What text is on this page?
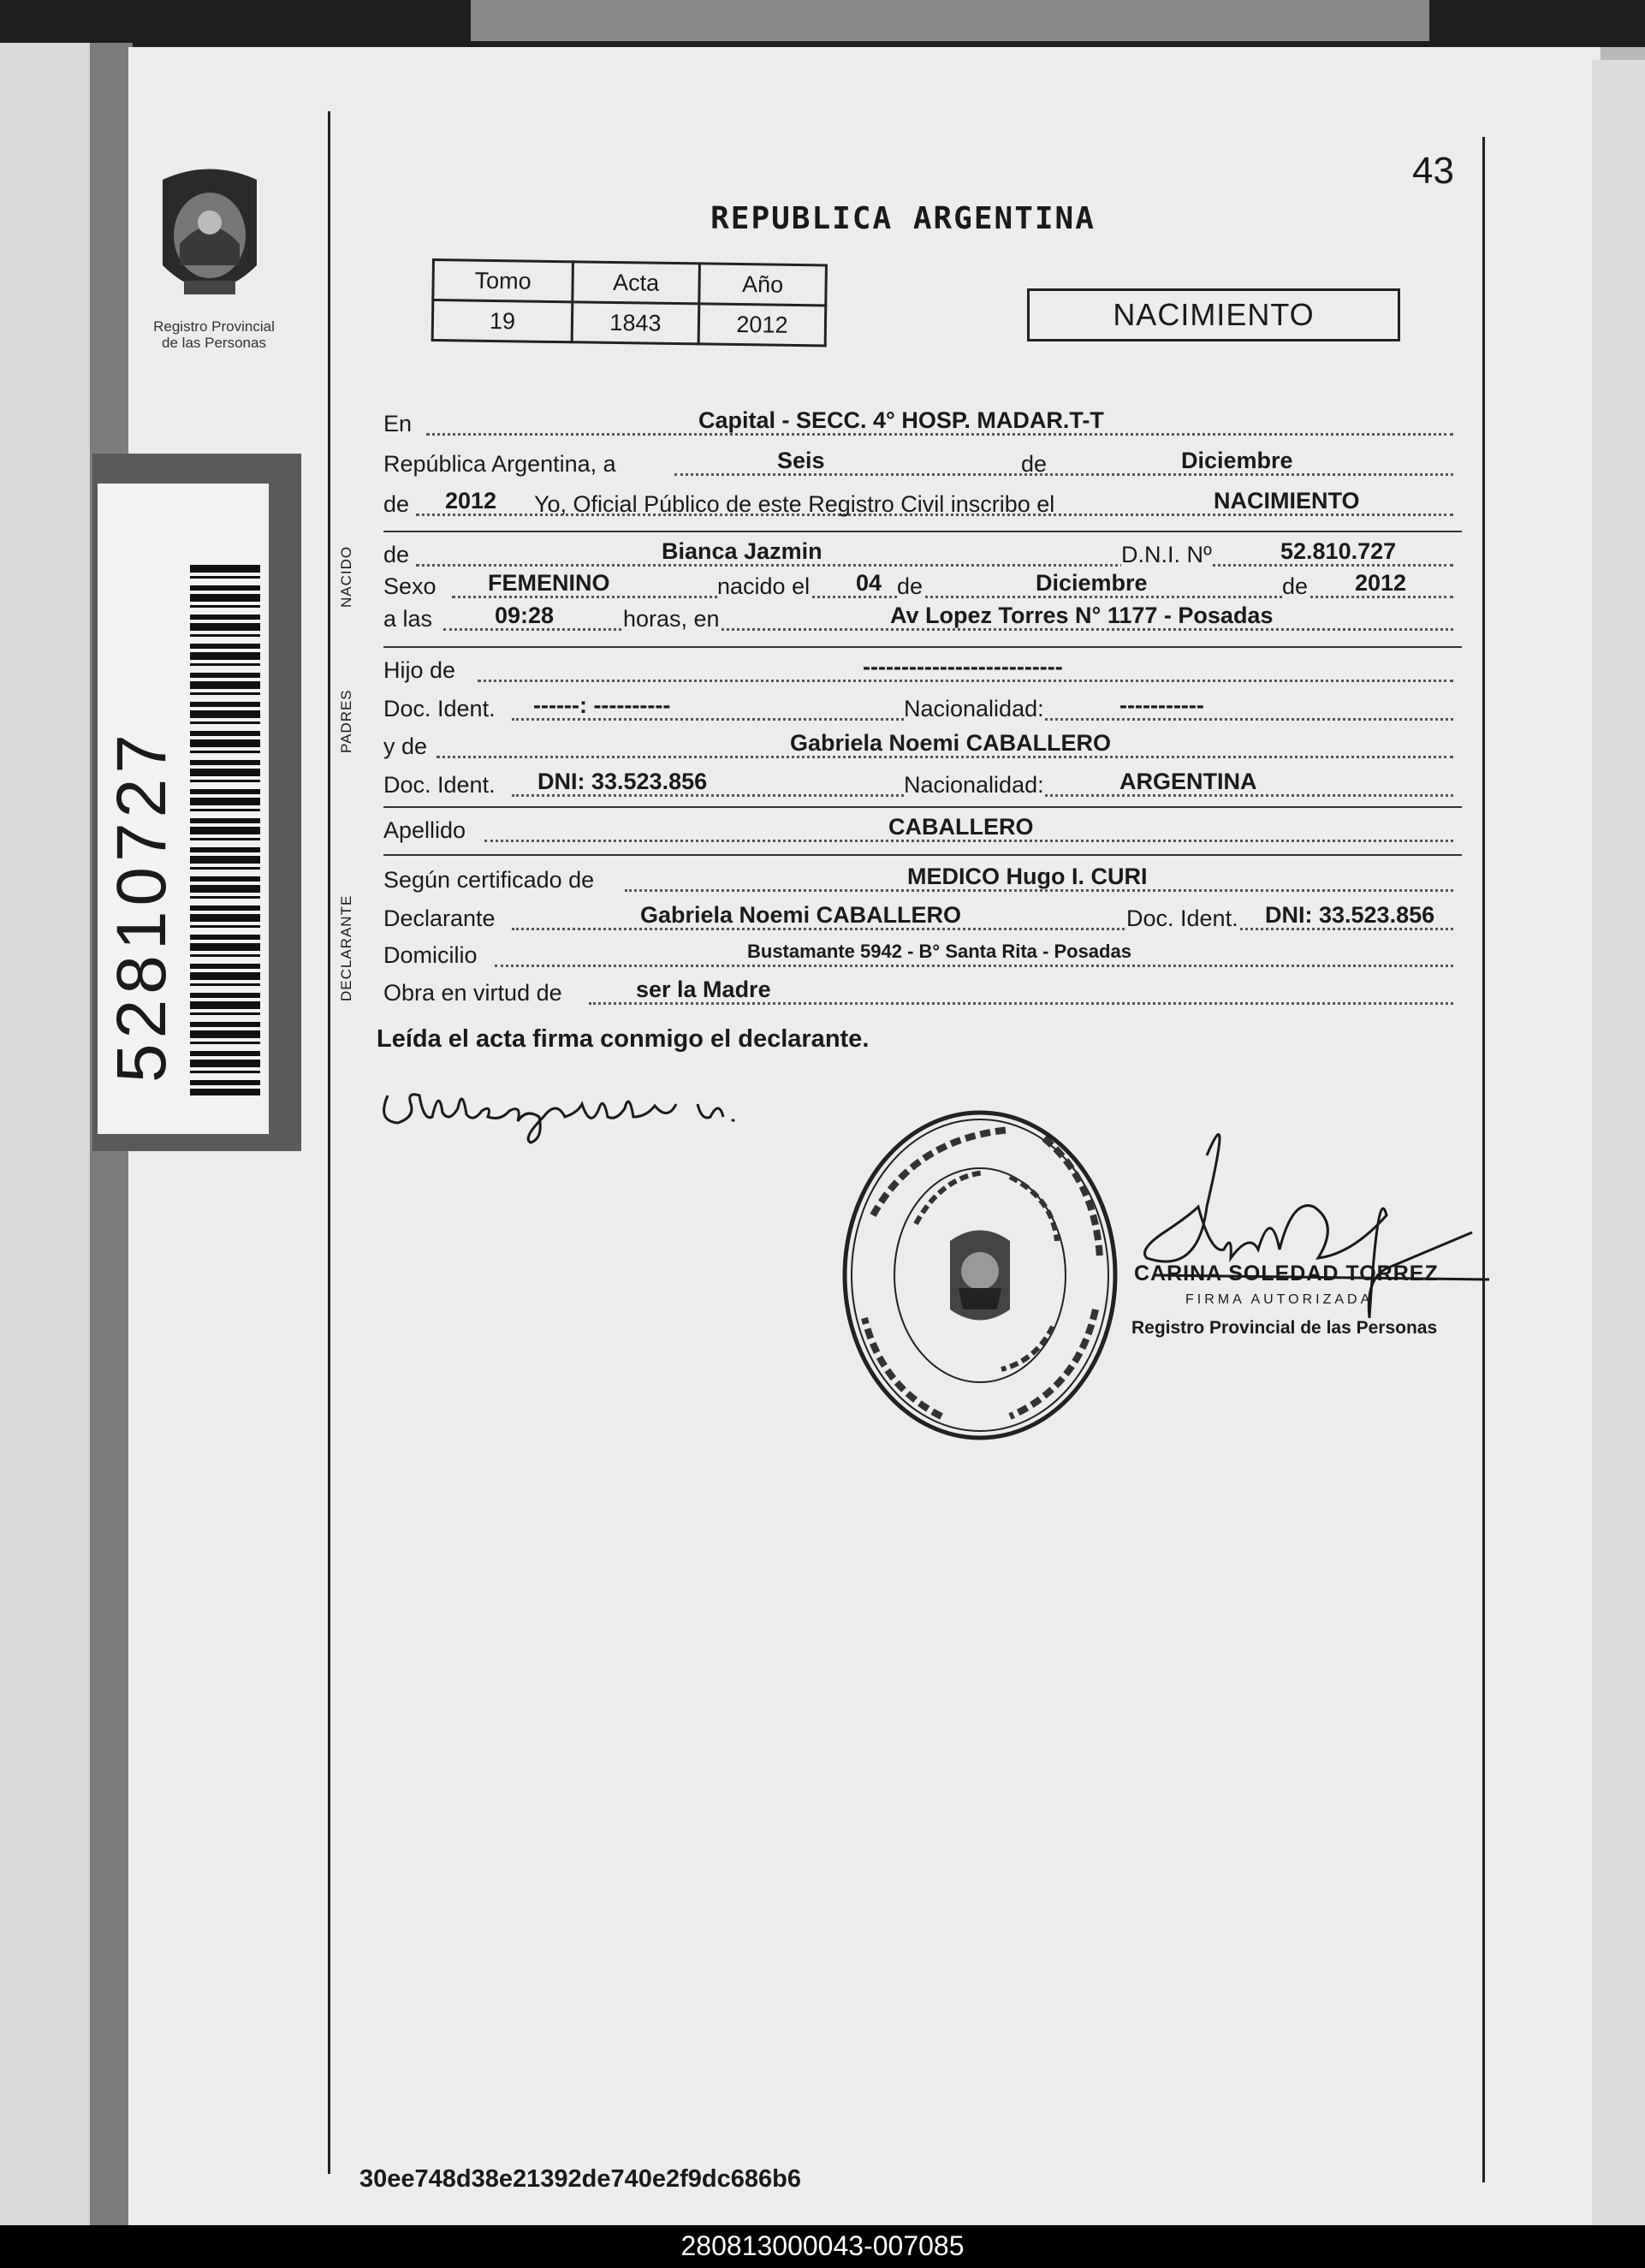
52810727
Registro Provincial
de las Personas
43
REPUBLICA ARGENTINA
Tomo	Acta	Año
19	1843	2012	NACIMIENTO
En	Capital - SECC. 4° HOSP. MADAR.T-T
República Argentina, a	Seis	de	Diciembre
de 2012 Yo, Oficial Público de este Registro Civil inscribo el	NACIMIENTO
NACIDO de	Bianca Jazmin	D.N.I. Nº	52.810.727
Sexo FEMENINO	nacido el 04 de	Diciembre	de 2012
a las	09:28	horas, en	Av Lopez Torres N° 1177 - Posadas
PADRES
Hijo de	--------------------------
Doc. Ident. ------: ----------	Nacionalidad:	-----------
y de	Gabriela Noemi CABALLERO
Doc. Ident. DNI: 33.523.856	Nacionalidad:	ARGENTINA
Apellido	CABALLERO
DECLARANTE
Según certificado de	MEDICO Hugo I. CURI
Declarante	Gabriela Noemi CABALLERO	Doc. Ident. DNI: 33.523.856
Domicilio	Bustamante 5942 - B° Santa Rita - Posadas
Obra en virtud de	ser la Madre
Leída el acta firma conmigo el declarante.
CARINA SOLEDAD TORREZ
FIRMA AUTORIZADA
Registro Provincial de las Personas
30ee748d38e21392de740e2f9dc686b6
280813000043-007085
